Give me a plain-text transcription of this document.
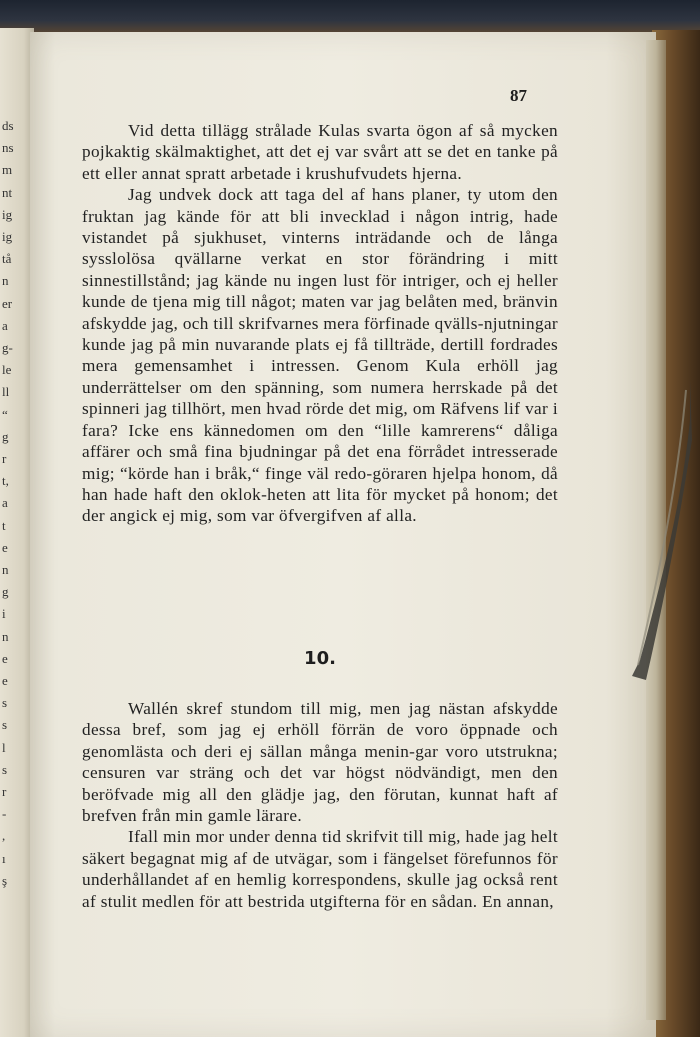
ds
ns
m
nt
ig
ig
tå
n
er
a
g-
le
ll
“
g
r
t,
a
t
e
n
g
i
n
e
e
s
s
l
s
r
-
,
ı
ş
87

Vid detta tillägg strålade Kulas svarta ögon af så mycken pojkaktig skälmaktighet, att det ej var svårt att se det en tanke på ett eller annat spratt arbetade i krushufvudets hjerna.

Jag undvek dock att taga del af hans planer, ty utom den fruktan jag kände för att bli invecklad i någon intrig, hade vistandet på sjukhuset, vinterns inträdande och de långa sysslolösa qvällarne verkat en stor förändring i mitt sinnestillstånd; jag kände nu ingen lust för intriger, och ej heller kunde de tjena mig till något; maten var jag belåten med, bränvin afskydde jag, och till skrifvarnes mera förfinade qvälls-njutningar kunde jag på min nuvarande plats ej få tillträde, dertill fordrades mera gemensamhet i intressen. Genom Kula erhöll jag underrättelser om den spänning, som numera herrskade på det spinneri jag tillhört, men hvad rörde det mig, om Räfvens lif var i fara? Icke ens kännedomen om den “lille kamrerens“ dåliga affärer och små fina bjudningar på det ena förrådet intresserade mig; “körde han i bråk,“ finge väl redo-göraren hjelpa honom, då han hade haft den oklok-heten att lita för mycket på honom; det der angick ej mig, som var öfvergifven af alla.

10.

Wallén skref stundom till mig, men jag nästan afskydde dessa bref, som jag ej erhöll förrän de voro öppnade och genomlästa och deri ej sällan många menin-gar voro utstrukna; censuren var sträng och det var högst nödvändigt, men den beröfvade mig all den glädje jag, den förutan, kunnat haft af brefven från min gamle lärare.

Ifall min mor under denna tid skrifvit till mig, hade jag helt säkert begagnat mig af de utvägar, som i fängelset förefunnos för underhållandet af en hemlig korrespondens, skulle jag också rent af stulit medlen för att bestrida utgifterna för en sådan. En annan,
